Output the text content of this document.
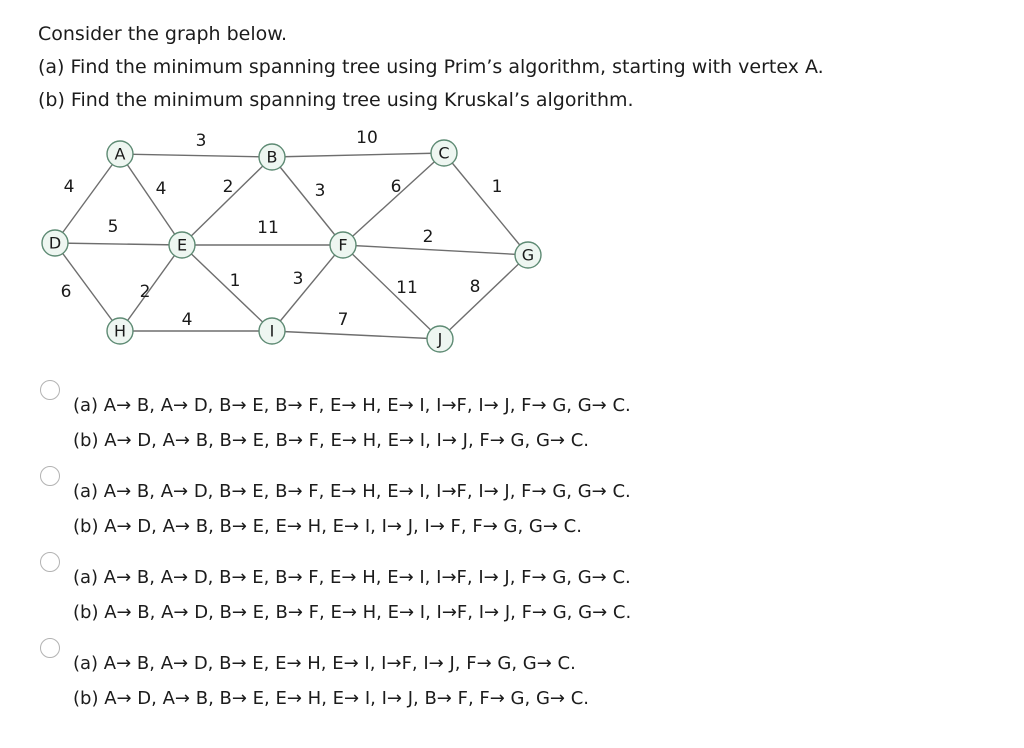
Consider the graph below.
(a) Find the minimum spanning tree using Prim’s algorithm, starting with vertex A.
(b) Find the minimum spanning tree using Kruskal’s algorithm.
3	10
4	4	2	3	6	1
5	11	2
6	2
1	3	11	8
4	7
A	B	C
D	E	F
G
H	I	J
(a) A→ B, A→ D, B→ E, B→ F, E→ H, E→ I, I→F, I→ J, F→ G, G→ C.
(b) A→ D, A→ B, B→ E, B→ F, E→ H, E→ I, I→ J, F→ G, G→ C.
(a) A→ B, A→ D, B→ E, B→ F, E→ H, E→ I, I→F, I→ J, F→ G, G→ C.
(b) A→ D, A→ B, B→ E, E→ H, E→ I, I→ J, I→ F, F→ G, G→ C.
(a) A→ B, A→ D, B→ E, B→ F, E→ H, E→ I, I→F, I→ J, F→ G, G→ C.
(b) A→ B, A→ D, B→ E, B→ F, E→ H, E→ I, I→F, I→ J, F→ G, G→ C.
(a) A→ B, A→ D, B→ E, E→ H, E→ I, I→F, I→ J, F→ G, G→ C.
(b) A→ D, A→ B, B→ E, E→ H, E→ I, I→ J, B→ F, F→ G, G→ C.
